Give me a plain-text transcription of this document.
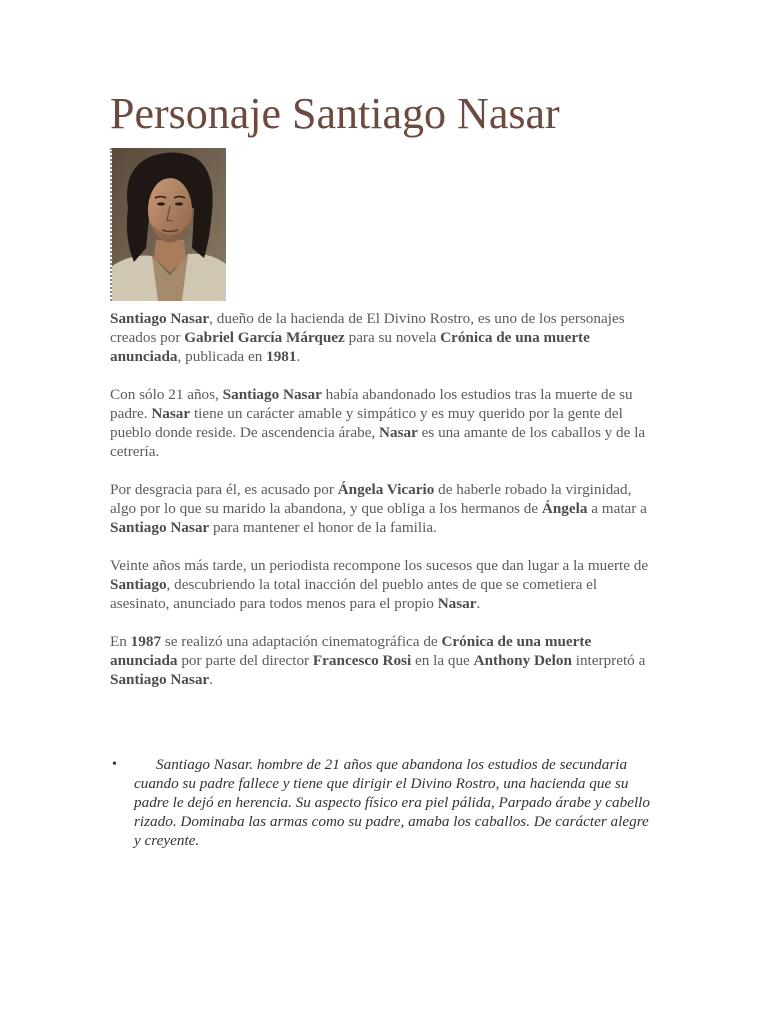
Personaje Santiago Nasar

Santiago Nasar, dueño de la hacienda de El Divino Rostro, es uno de los personajes creados por Gabriel García Márquez para su novela Crónica de una muerte anunciada, publicada en 1981.

Con sólo 21 años, Santiago Nasar había abandonado los estudios tras la muerte de su padre. Nasar tiene un carácter amable y simpático y es muy querido por la gente del pueblo donde reside. De ascendencia árabe, Nasar es una amante de los caballos y de la cetrería.

Por desgracia para él, es acusado por Ángela Vicario de haberle robado la virginidad, algo por lo que su marido la abandona, y que obliga a los hermanos de Ángela a matar a Santiago Nasar para mantener el honor de la familia.

Veinte años más tarde, un periodista recompone los sucesos que dan lugar a la muerte de Santiago, descubriendo la total inacción del pueblo antes de que se cometiera el asesinato, anunciado para todos menos para el propio Nasar.

En 1987 se realizó una adaptación cinematográfica de Crónica de una muerte anunciada por parte del director Francesco Rosi en la que Anthony Delon interpretó a Santiago Nasar.

•	Santiago Nasar. hombre de 21 años que abandona los estudios de secundaria cuando su padre fallece y tiene que dirigir el Divino Rostro, una hacienda que su padre le dejó en herencia. Su aspecto físico era piel pálida, Parpado árabe y cabello rizado. Dominaba las armas como su padre, amaba los caballos. De carácter alegre y creyente.
